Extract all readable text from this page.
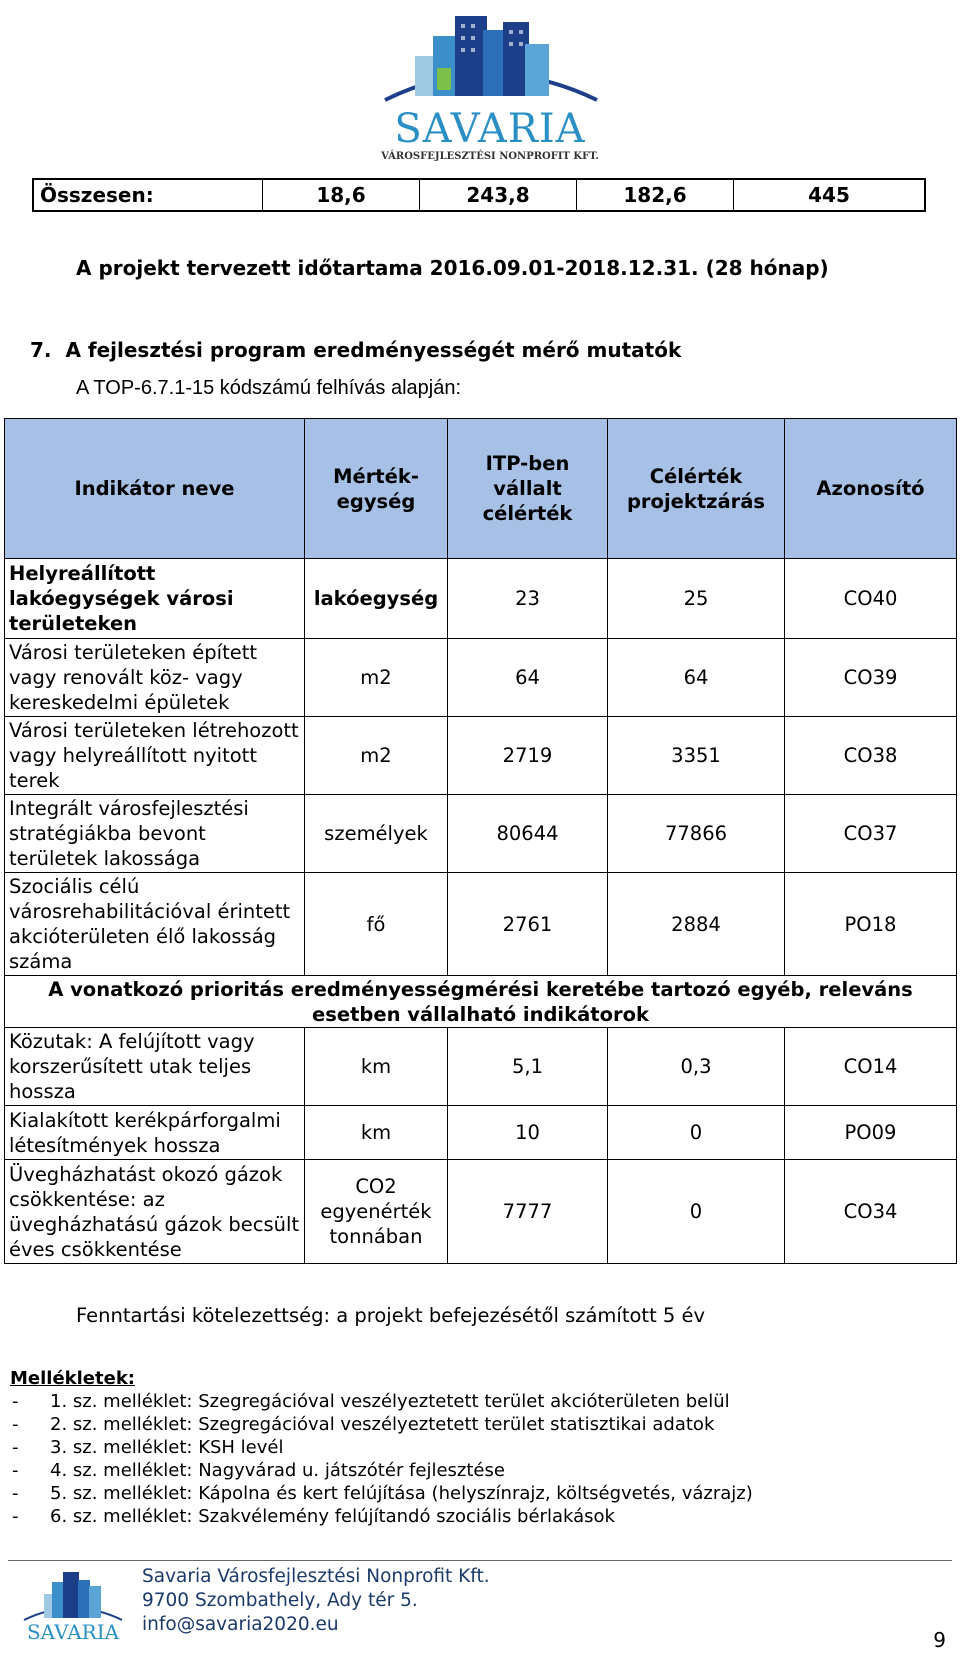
SAVARIA
VÁROSFEJLESZTÉSI NONPROFIT KFT.
Összesen:	18,6	243,8	182,6	445
A projekt tervezett időtartama 2016.09.01-2018.12.31. (28 hónap)
7.  A fejlesztési program eredményességét mérő mutatók
A TOP-6.7.1-15 kódszámú felhívás alapján:
Indikátor neve	Mérték-egység	ITP-ben vállalt célérték	Célérték projektzárás	Azonosító
Helyreállított lakóegységek városi területeken	lakóegység	23	25	CO40
Városi területeken épített vagy renovált köz- vagy kereskedelmi épületek	m2	64	64	CO39
Városi területeken létrehozott vagy helyreállított nyitott terek	m2	2719	3351	CO38
Integrált városfejlesztési stratégiákba bevont területek lakossága	személyek	80644	77866	CO37
Szociális célú városrehabilitációval érintett akcióterületen élő lakosság száma	fő	2761	2884	PO18
A vonatkozó prioritás eredményességmérési keretébe tartozó egyéb, releváns esetben vállalható indikátorok				
Közutak: A felújított vagy korszerűsített utak teljes hossza	km	5,1	0,3	CO14
Kialakított kerékpárforgalmi létesítmények hossza	km	10	0	PO09
Üvegházhatást okozó gázok csökkentése: az üvegházhatású gázok becsült éves csökkentése	CO2 egyenérték tonnában	7777	0	CO34
Fenntartási kötelezettség: a projekt befejezésétől számított 5 év
Mellékletek:
- 1. sz. melléklet: Szegregációval veszélyeztetett terület akcióterületen belül
- 2. sz. melléklet: Szegregációval veszélyeztetett terület statisztikai adatok
- 3. sz. melléklet: KSH levél
- 4. sz. melléklet: Nagyvárad u. játszótér fejlesztése
- 5. sz. melléklet: Kápolna és kert felújítása (helyszínrajz, költségvetés, vázrajz)
- 6. sz. melléklet: Szakvélemény felújítandó szociális bérlakások
SAVARIA
Savaria Városfejlesztési Nonprofit Kft.
9700 Szombathely, Ady tér 5.
info@savaria2020.eu
9
